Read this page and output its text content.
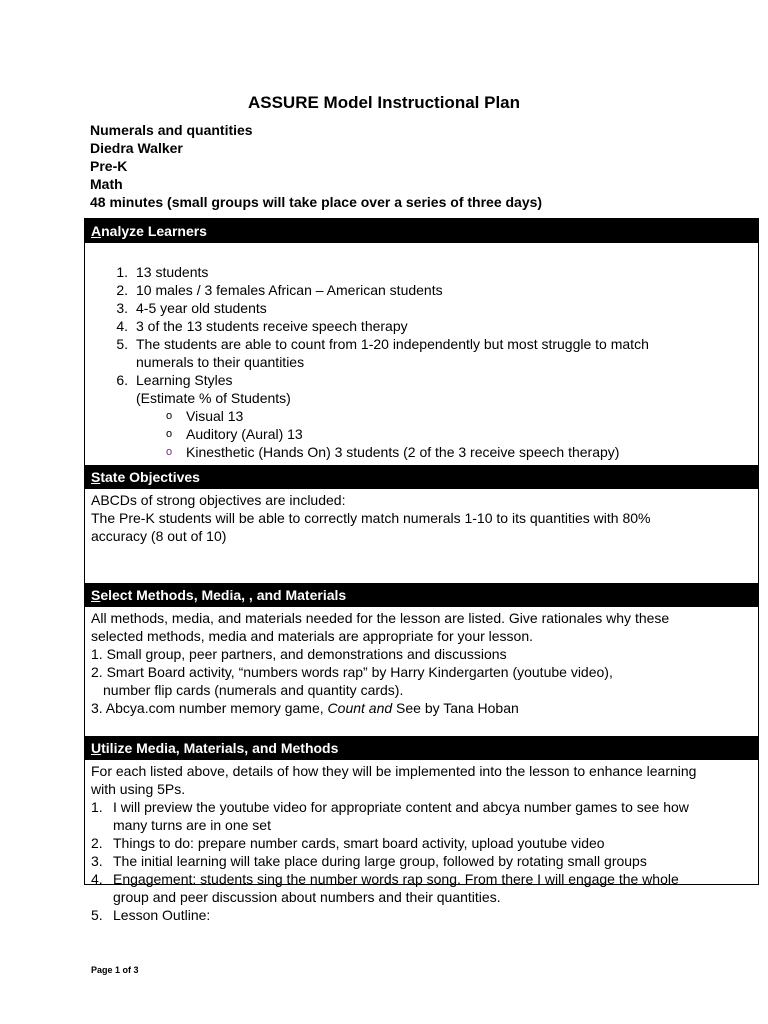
ASSURE Model Instructional Plan
Numerals and quantities
Diedra Walker
Pre-K
Math
48 minutes (small groups will take place over a series of three days)
Analyze Learners
1. 13 students
2. 10 males / 3 females African – American students
3. 4-5 year old students
4. 3 of the 13 students receive speech therapy
5. The students are able to count from 1-20 independently but most struggle to match
numerals to their quantities
6. Learning Styles
(Estimate % of Students)
o Visual 13
o Auditory (Aural) 13
o Kinesthetic (Hands On) 3 students (2 of the 3 receive speech therapy)
State Objectives
ABCDs of strong objectives are included:
The Pre-K students will be able to correctly match numerals 1-10 to its quantities with 80%
accuracy (8 out of 10)
Select Methods, Media, , and Materials
All methods, media, and materials needed for the lesson are listed. Give rationales why these
selected methods, media and materials are appropriate for your lesson.
1. Small group, peer partners, and demonstrations and discussions
2. Smart Board activity, “numbers words rap” by Harry Kindergarten (youtube video),
number flip cards (numerals and quantity cards).
3. Abcya.com number memory game, Count and See by Tana Hoban
Utilize Media, Materials, and Methods
For each listed above, details of how they will be implemented into the lesson to enhance learning
with using 5Ps.
1. I will preview the youtube video for appropriate content and abcya number games to see how
many turns are in one set
2. Things to do: prepare number cards, smart board activity, upload youtube video
3. The initial learning will take place during large group, followed by rotating small groups
4. Engagement: students sing the number words rap song. From there I will engage the whole
group and peer discussion about numbers and their quantities.
5. Lesson Outline:
Page 1 of 3
